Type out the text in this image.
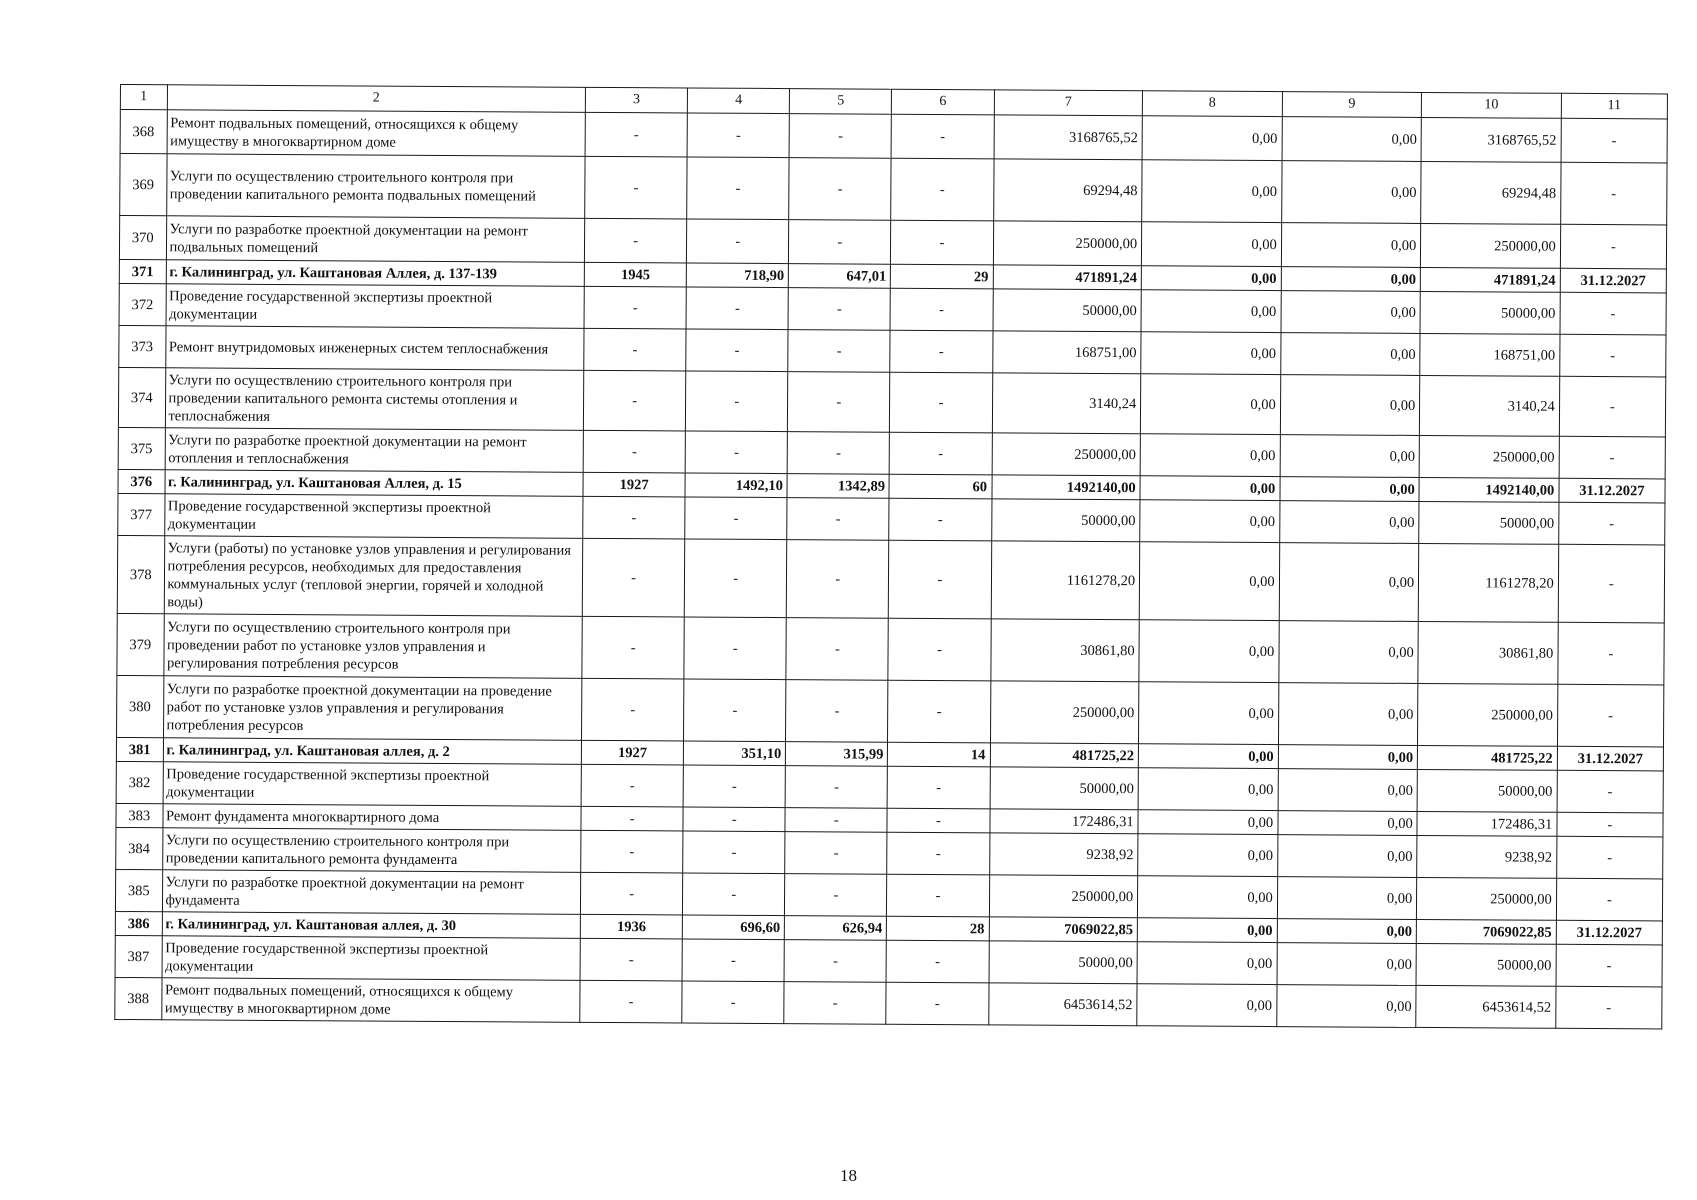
1	2	3	4	5	6	7	8	9	10	11
368	Ремонт подвальных помещений, относящихся к общему имуществу в многоквартирном доме	-	-	-	-	3168765,52	0,00	0,00	3168765,52	-
369	Услуги по осуществлению строительного контроля при проведении капитального ремонта подвальных помещений	-	-	-	-	69294,48	0,00	0,00	69294,48	-
370	Услуги по разработке проектной документации на ремонт подвальных помещений	-	-	-	-	250000,00	0,00	0,00	250000,00	-
371	г. Калининград, ул. Каштановая Аллея, д. 137-139	1945	718,90	647,01	29	471891,24	0,00	0,00	471891,24	31.12.2027
372	Проведение государственной экспертизы проектной документации	-	-	-	-	50000,00	0,00	0,00	50000,00	-
373	Ремонт внутридомовых инженерных систем теплоснабжения	-	-	-	-	168751,00	0,00	0,00	168751,00	-
374	Услуги по осуществлению строительного контроля при проведении капитального ремонта системы отопления и теплоснабжения	-	-	-	-	3140,24	0,00	0,00	3140,24	-
375	Услуги по разработке проектной документации на ремонт отопления и теплоснабжения	-	-	-	-	250000,00	0,00	0,00	250000,00	-
376	г. Калининград, ул. Каштановая Аллея, д. 15	1927	1492,10	1342,89	60	1492140,00	0,00	0,00	1492140,00	31.12.2027
377	Проведение государственной экспертизы проектной документации	-	-	-	-	50000,00	0,00	0,00	50000,00	-
378	Услуги (работы) по установке узлов управления и регулирования потребления ресурсов, необходимых для предоставления коммунальных услуг (тепловой энергии, горячей и холодной воды)	-	-	-	-	1161278,20	0,00	0,00	1161278,20	-
379	Услуги по осуществлению строительного контроля при проведении работ по установке узлов управления и регулирования потребления ресурсов	-	-	-	-	30861,80	0,00	0,00	30861,80	-
380	Услуги по разработке проектной документации на проведение работ по установке узлов управления и регулирования потребления ресурсов	-	-	-	-	250000,00	0,00	0,00	250000,00	-
381	г. Калининград, ул. Каштановая аллея, д. 2	1927	351,10	315,99	14	481725,22	0,00	0,00	481725,22	31.12.2027
382	Проведение государственной экспертизы проектной документации	-	-	-	-	50000,00	0,00	0,00	50000,00	-
383	Ремонт фундамента многоквартирного дома	-	-	-	-	172486,31	0,00	0,00	172486,31	-
384	Услуги по осуществлению строительного контроля при проведении капитального ремонта фундамента	-	-	-	-	9238,92	0,00	0,00	9238,92	-
385	Услуги по разработке проектной документации на ремонт фундамента	-	-	-	-	250000,00	0,00	0,00	250000,00	-
386	г. Калининград, ул. Каштановая аллея, д. 30	1936	696,60	626,94	28	7069022,85	0,00	0,00	7069022,85	31.12.2027
387	Проведение государственной экспертизы проектной документации	-	-	-	-	50000,00	0,00	0,00	50000,00	-
388	Ремонт подвальных помещений, относящихся к общему имуществу в многоквартирном доме	-	-	-	-	6453614,52	0,00	0,00	6453614,52	-
18
